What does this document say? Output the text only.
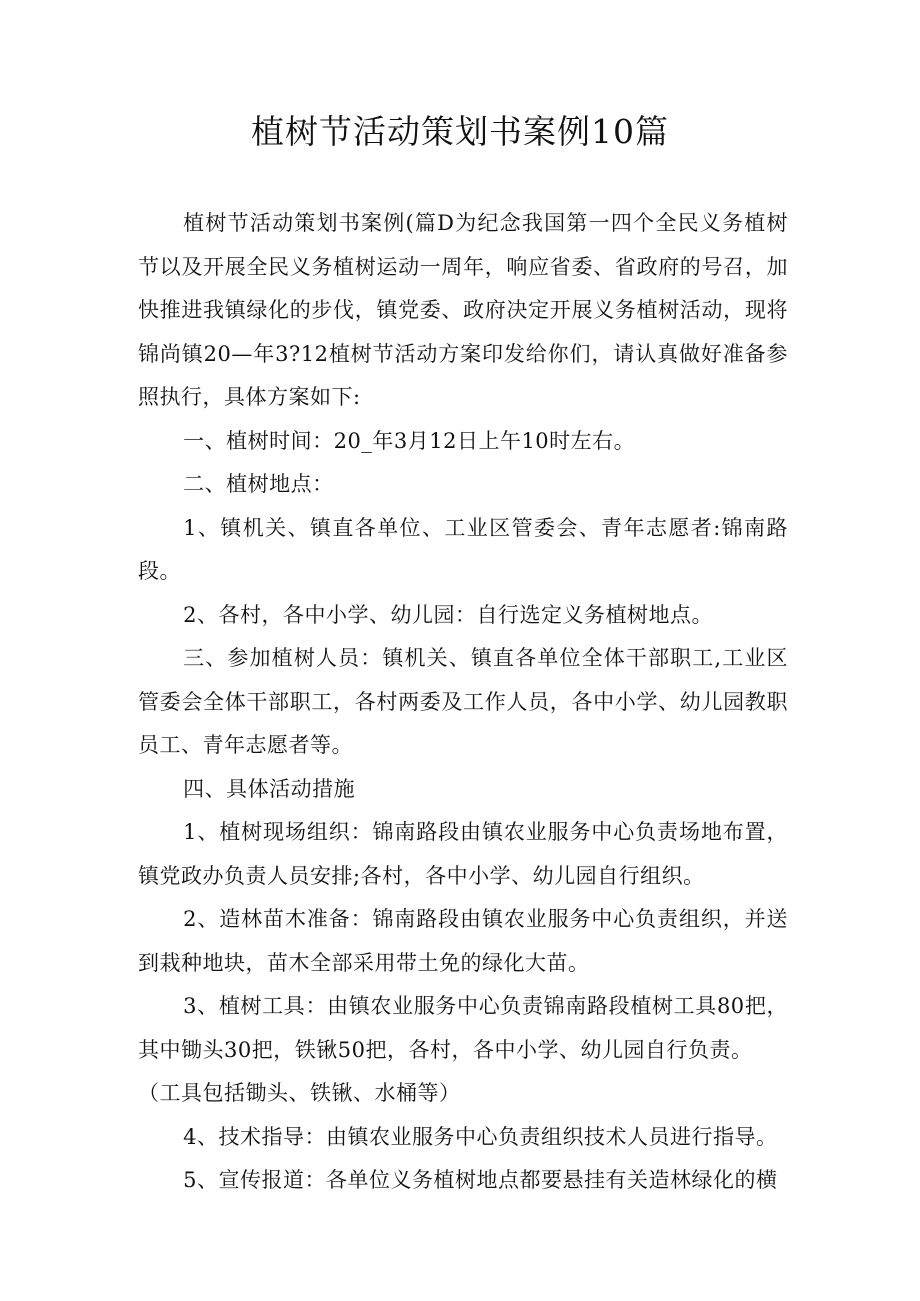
植树节活动策划书案例10篇

植树节活动策划书案例(篇D为纪念我国第一四个全民义务植树节以及开展全民义务植树运动一周年，响应省委、省政府的号召，加快推进我镇绿化的步伐，镇党委、政府决定开展义务植树活动，现将锦尚镇20—年3?12植树节活动方案印发给你们，请认真做好准备参照执行，具体方案如下:

一、植树时间：20_年3月12日上午10时左右。

二、植树地点：

1、镇机关、镇直各单位、工业区管委会、青年志愿者:锦南路段。

2、各村，各中小学、幼儿园：自行选定义务植树地点。

三、参加植树人员：镇机关、镇直各单位全体干部职工,工业区管委会全体干部职工，各村两委及工作人员，各中小学、幼儿园教职员工、青年志愿者等。

四、具体活动措施

1、植树现场组织：锦南路段由镇农业服务中心负责场地布置，镇党政办负责人员安排;各村，各中小学、幼儿园自行组织。

2、造林苗木准备：锦南路段由镇农业服务中心负责组织，并送到栽种地块，苗木全部采用带土免的绿化大苗。

3、植树工具：由镇农业服务中心负责锦南路段植树工具80把，其中锄头30把，铁锹50把，各村，各中小学、幼儿园自行负责。

（工具包括锄头、铁锹、水桶等）

4、技术指导：由镇农业服务中心负责组织技术人员进行指导。

5、宣传报道：各单位义务植树地点都要悬挂有关造林绿化的横
